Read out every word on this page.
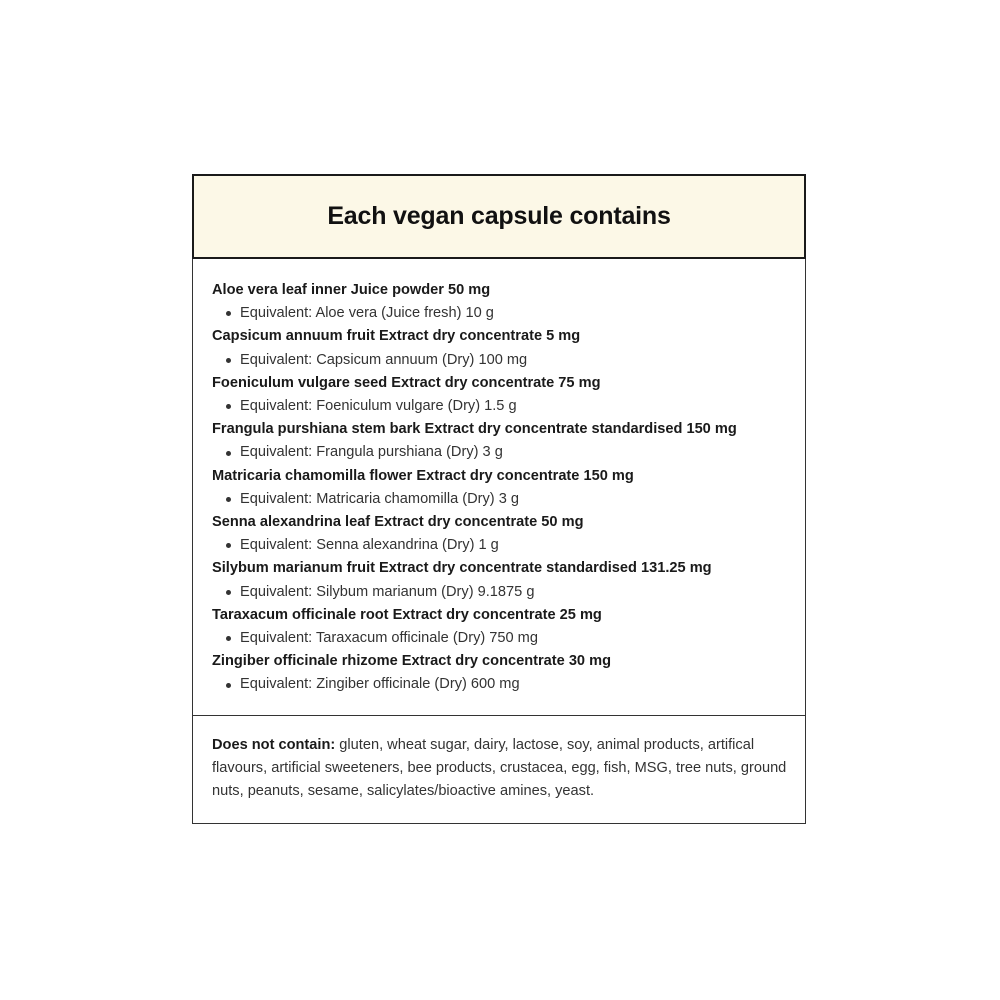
Each vegan capsule contains
Aloe vera leaf inner Juice powder 50 mg
Equivalent: Aloe vera (Juice fresh) 10 g
Capsicum annuum fruit Extract dry concentrate 5 mg
Equivalent: Capsicum annuum (Dry) 100 mg
Foeniculum vulgare seed Extract dry concentrate 75 mg
Equivalent: Foeniculum vulgare (Dry) 1.5 g
Frangula purshiana stem bark Extract dry concentrate standardised 150 mg
Equivalent: Frangula purshiana (Dry) 3 g
Matricaria chamomilla flower Extract dry concentrate 150 mg
Equivalent: Matricaria chamomilla (Dry) 3 g
Senna alexandrina leaf Extract dry concentrate 50 mg
Equivalent: Senna alexandrina (Dry) 1 g
Silybum marianum fruit Extract dry concentrate standardised 131.25 mg
Equivalent: Silybum marianum (Dry) 9.1875 g
Taraxacum officinale root Extract dry concentrate 25 mg
Equivalent: Taraxacum officinale (Dry) 750 mg
Zingiber officinale rhizome Extract dry concentrate 30 mg
Equivalent: Zingiber officinale (Dry) 600 mg
Does not contain: gluten, wheat sugar, dairy, lactose, soy, animal products, artifical flavours, artificial sweeteners, bee products, crustacea, egg, fish, MSG, tree nuts, ground nuts, peanuts, sesame, salicylates/bioactive amines, yeast.
